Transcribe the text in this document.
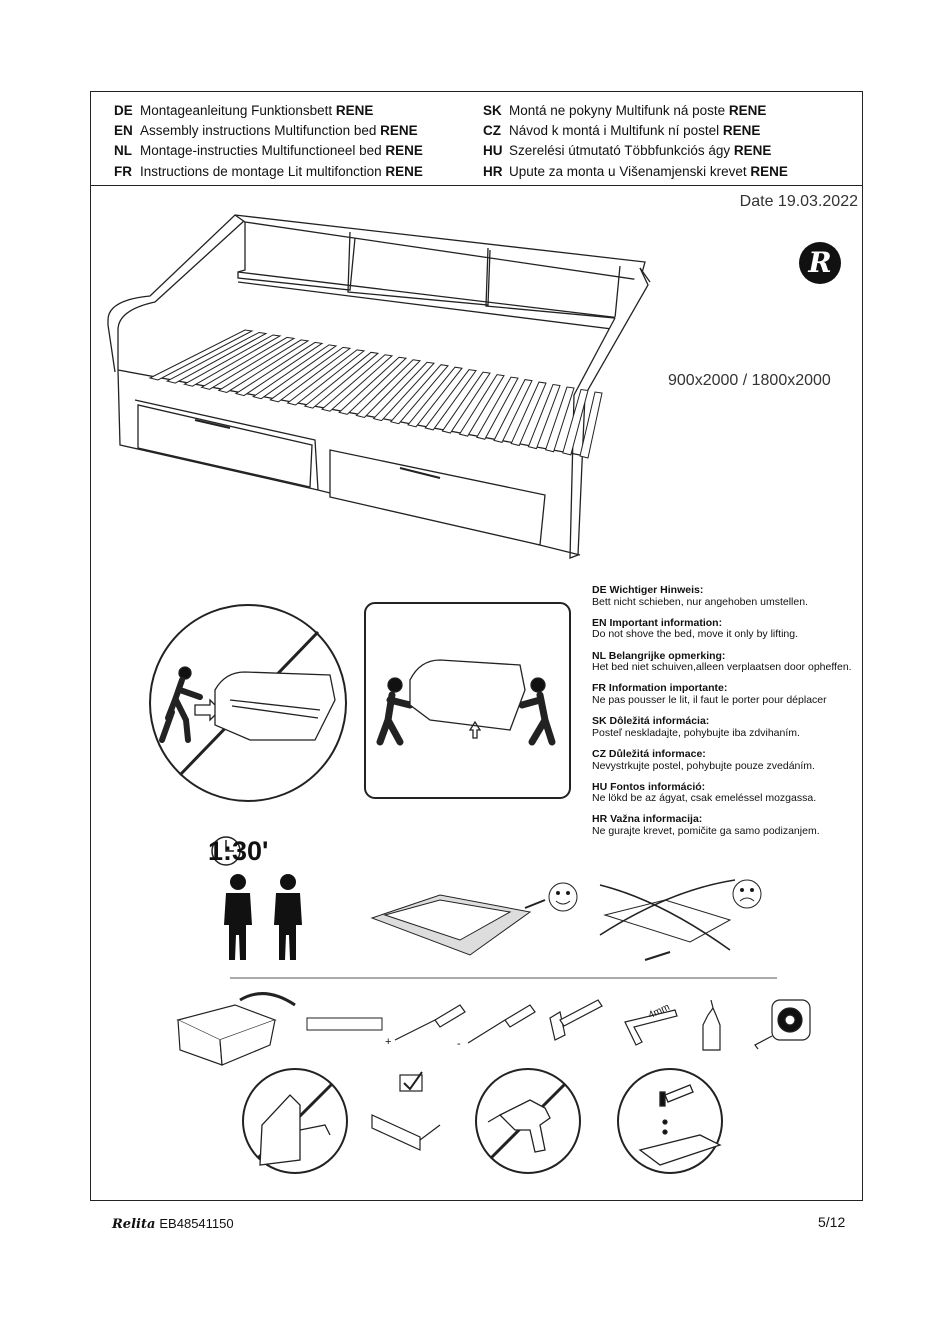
DE Montageanleitung Funktionsbett RENE
EN Assembly instructions Multifunction bed RENE
NL Montage-instructies Multifunctioneel bed RENE
FR Instructions de montage Lit multifonction RENE
SK Montá ne pokyny Multifunk ná poste RENE
CZ Návod k montá i Multifunk ní postel RENE
HU Szerelési útmutató Többfunkciós ágy RENE
HR Upute za monta u Višenamjenski krevet RENE
Date 19.03.2022
900x2000 / 1800x2000
R
+	-
4mm
DE Wichtiger Hinweis:
Bett nicht schieben, nur angehoben umstellen.
EN Important information:
Do not shove the bed, move it only by lifting.
NL Belangrijke opmerking:
Het bed niet schuiven,alleen verplaatsen door opheffen.
FR Information importante:
Ne pas pousser le lit, il faut le porter pour déplacer
SK Dôležitá informácia:
Posteľ neskladajte, pohybujte iba zdvihaním.
CZ Důležitá informace:
Nevystrkujte postel, pohybujte pouze zvedáním.
HU Fontos információ:
Ne lökd be az ágyat, csak emeléssel mozgassa.
HR Važna informacija:
Ne gurajte krevet, pomičite ga samo podizanjem.
1:30'
Relita EB48541150	5/12
